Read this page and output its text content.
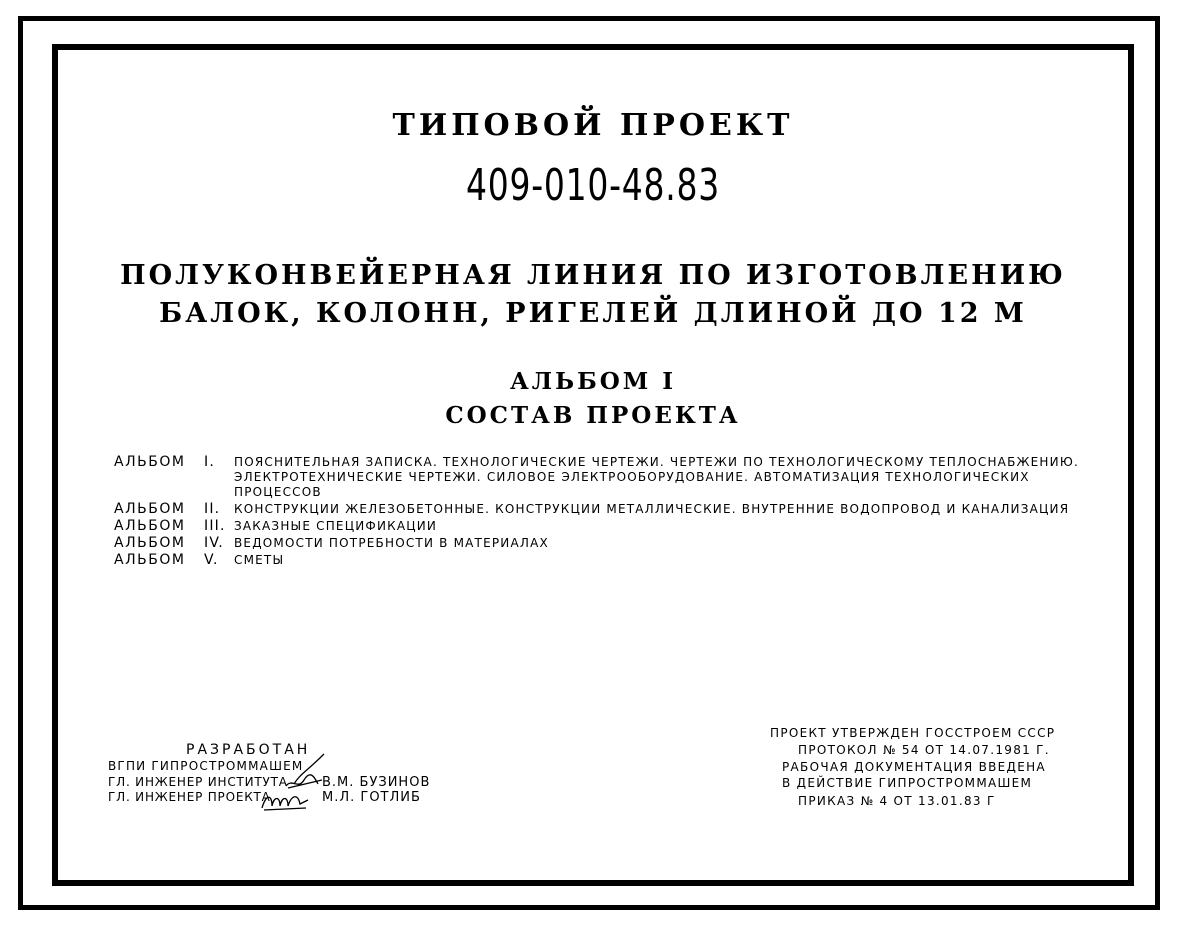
ТИПОВОЙ ПРОЕКТ
409-010-48.83
ПОЛУКОНВЕЙЕРНАЯ ЛИНИЯ ПО ИЗГОТОВЛЕНИЮ
БАЛОК, КОЛОНН, РИГЕЛЕЙ ДЛИНОЙ ДО 12 М
АЛЬБОМ I
СОСТАВ ПРОЕКТА
АЛЬБОМ	I.	ПОЯСНИТЕЛЬНАЯ ЗАПИСКА. ТЕХНОЛОГИЧЕСКИЕ ЧЕРТЕЖИ. ЧЕРТЕЖИ ПО ТЕХНОЛОГИЧЕСКОМУ ТЕПЛОСНАБЖЕНИЮ. ЭЛЕКТРОТЕХНИЧЕСКИЕ ЧЕРТЕЖИ. СИЛОВОЕ ЭЛЕКТРООБОРУДОВАНИЕ. АВТОМАТИЗАЦИЯ ТЕХНОЛОГИЧЕСКИХ ПРОЦЕССОВ
АЛЬБОМ	II.	КОНСТРУКЦИИ ЖЕЛЕЗОБЕТОННЫЕ. КОНСТРУКЦИИ МЕТАЛЛИЧЕСКИЕ. ВНУТРЕННИЕ ВОДОПРОВОД И КАНАЛИЗАЦИЯ
АЛЬБОМ	III. ЗАКАЗНЫЕ СПЕЦИФИКАЦИИ
АЛЬБОМ	IV. ВЕДОМОСТИ ПОТРЕБНОСТИ В МАТЕРИАЛАХ
АЛЬБОМ	V.	СМЕТЫ
РАЗРАБОТАН
ВГПИ ГИПРОСТРОММАШЕМ
ГЛ. ИНЖЕНЕР ИНСТИТУТА
ГЛ. ИНЖЕНЕР ПРОЕКТА
В.М. БУЗИНОВ
М.Л. ГОТЛИБ
ПРОЕКТ УТВЕРЖДЕН ГОССТРОЕМ СССР
ПРОТОКОЛ № 54 ОТ 14.07.1981 Г.
РАБОЧАЯ ДОКУМЕНТАЦИЯ ВВЕДЕНА
В ДЕЙСТВИЕ ГИПРОСТРОММАШЕМ
ПРИКАЗ № 4 ОТ 13.01.83 Г
